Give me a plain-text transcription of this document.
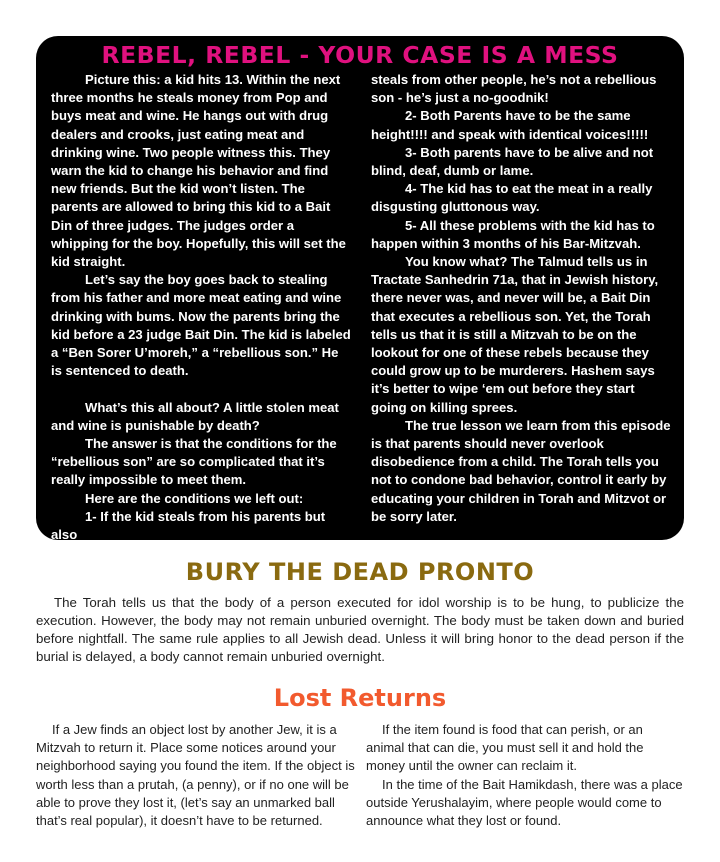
REBEL, REBEL - YOUR CASE IS A MESS

Picture this: a kid hits 13. Within the next three months he steals money from Pop and buys meat and wine. He hangs out with drug dealers and crooks, just eating meat and drinking wine. Two people witness this. They warn the kid to change his behavior and find new friends. But the kid won’t listen. The parents are allowed to bring this kid to a Bait Din of three judges. The judges order a whipping for the boy. Hopefully, this will set the kid straight.

Let’s say the boy goes back to stealing from his father and more meat eating and wine drinking with bums. Now the parents bring the kid before a 23 judge Bait Din. The kid is labeled a “Ben Sorer U’moreh,” a “rebellious son.” He is sentenced to death.

What’s this all about? A little stolen meat and wine is punishable by death?

The answer is that the conditions for the “rebellious son” are so complicated that it’s really impossible to meet them.

Here are the conditions we left out:

1- If the kid steals from his parents but also

steals from other people, he’s not a rebellious son - he’s just a no-goodnik!

2- Both Parents have to be the same height!!!! and speak with identical voices!!!!!

3- Both parents have to be alive and not blind, deaf, dumb or lame.

4- The kid has to eat the meat in a really disgusting gluttonous way.

5- All these problems with the kid has to happen within 3 months of his Bar-Mitzvah.

You know what? The Talmud tells us in Tractate Sanhedrin 71a, that in Jewish history, there never was, and never will be, a Bait Din that executes a rebellious son. Yet, the Torah tells us that it is still a Mitzvah to be on the lookout for one of these rebels because they could grow up to be murderers. Hashem says it’s better to wipe ‘em out before they start going on killing sprees.

The true lesson we learn from this episode is that parents should never overlook disobedience from a child. The Torah tells you not to condone bad behavior, control it early by educating your children in Torah and Mitzvot or be sorry later.

BURY THE DEAD PRONTO

The Torah tells us that the body of a person executed for idol worship is to be hung, to publicize the execution. However, the body may not remain unburied overnight. The body must be taken down and buried before nightfall. The same rule applies to all Jewish dead. Unless it will bring honor to the dead person if the burial is delayed, a body cannot remain unburied overnight.

Lost Returns

If a Jew finds an object lost by another Jew, it is a Mitzvah to return it. Place some notices around your neighborhood saying you found the item. If the object is worth less than a prutah, (a penny), or if no one will be able to prove they lost it, (let’s say an unmarked ball that’s real popular), it doesn’t have to be returned.

If the item found is food that can perish, or an animal that can die, you must sell it and hold the money until the owner can reclaim it.

In the time of the Bait Hamikdash, there was a place outside Yerushalayim, where people would come to announce what they lost or found.
